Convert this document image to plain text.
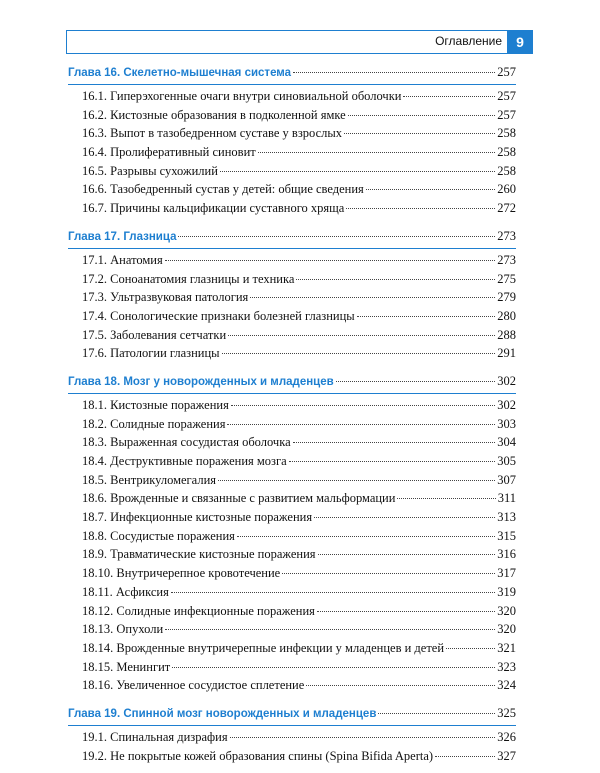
Оглавление	9
Глава 16. Скелетно-мышечная система	257
16.1. Гиперэхогенные очаги внутри синовиальной оболочки	257
16.2. Кистозные образования в подколенной ямке	257
16.3. Выпот в тазобедренном суставе у взрослых	258
16.4. Пролиферативный синовит	258
16.5. Разрывы сухожилий	258
16.6. Тазобедренный сустав у детей: общие сведения	260
16.7. Причины кальцификации суставного хряща	272
Глава 17. Глазница	273
17.1. Анатомия	273
17.2. Соноанатомия глазницы и техника	275
17.3. Ультразвуковая патология	279
17.4. Сонологические признаки болезней глазницы	280
17.5. Заболевания сетчатки	288
17.6. Патологии глазницы	291
Глава 18. Мозг у новорожденных и младенцев	302
18.1. Кистозные поражения	302
18.2. Солидные поражения	303
18.3. Выраженная сосудистая оболочка	304
18.4. Деструктивные поражения мозга	305
18.5. Вентрикуломегалия	307
18.6. Врожденные и связанные с развитием мальформации	311
18.7. Инфекционные кистозные поражения	313
18.8. Сосудистые поражения	315
18.9. Травматические кистозные поражения	316
18.10. Внутричерепное кровотечение	317
18.11. Асфиксия	319
18.12. Солидные инфекционные поражения	320
18.13. Опухоли	320
18.14. Врожденные внутричерепные инфекции у младенцев и детей	321
18.15. Менингит	323
18.16. Увеличенное сосудистое сплетение	324
Глава 19. Спинной мозг новорожденных и младенцев	325
19.1. Спинальная дизрафия	326
19.2. Не покрытые кожей образования спины (Spina Bifida Aperta)	327
